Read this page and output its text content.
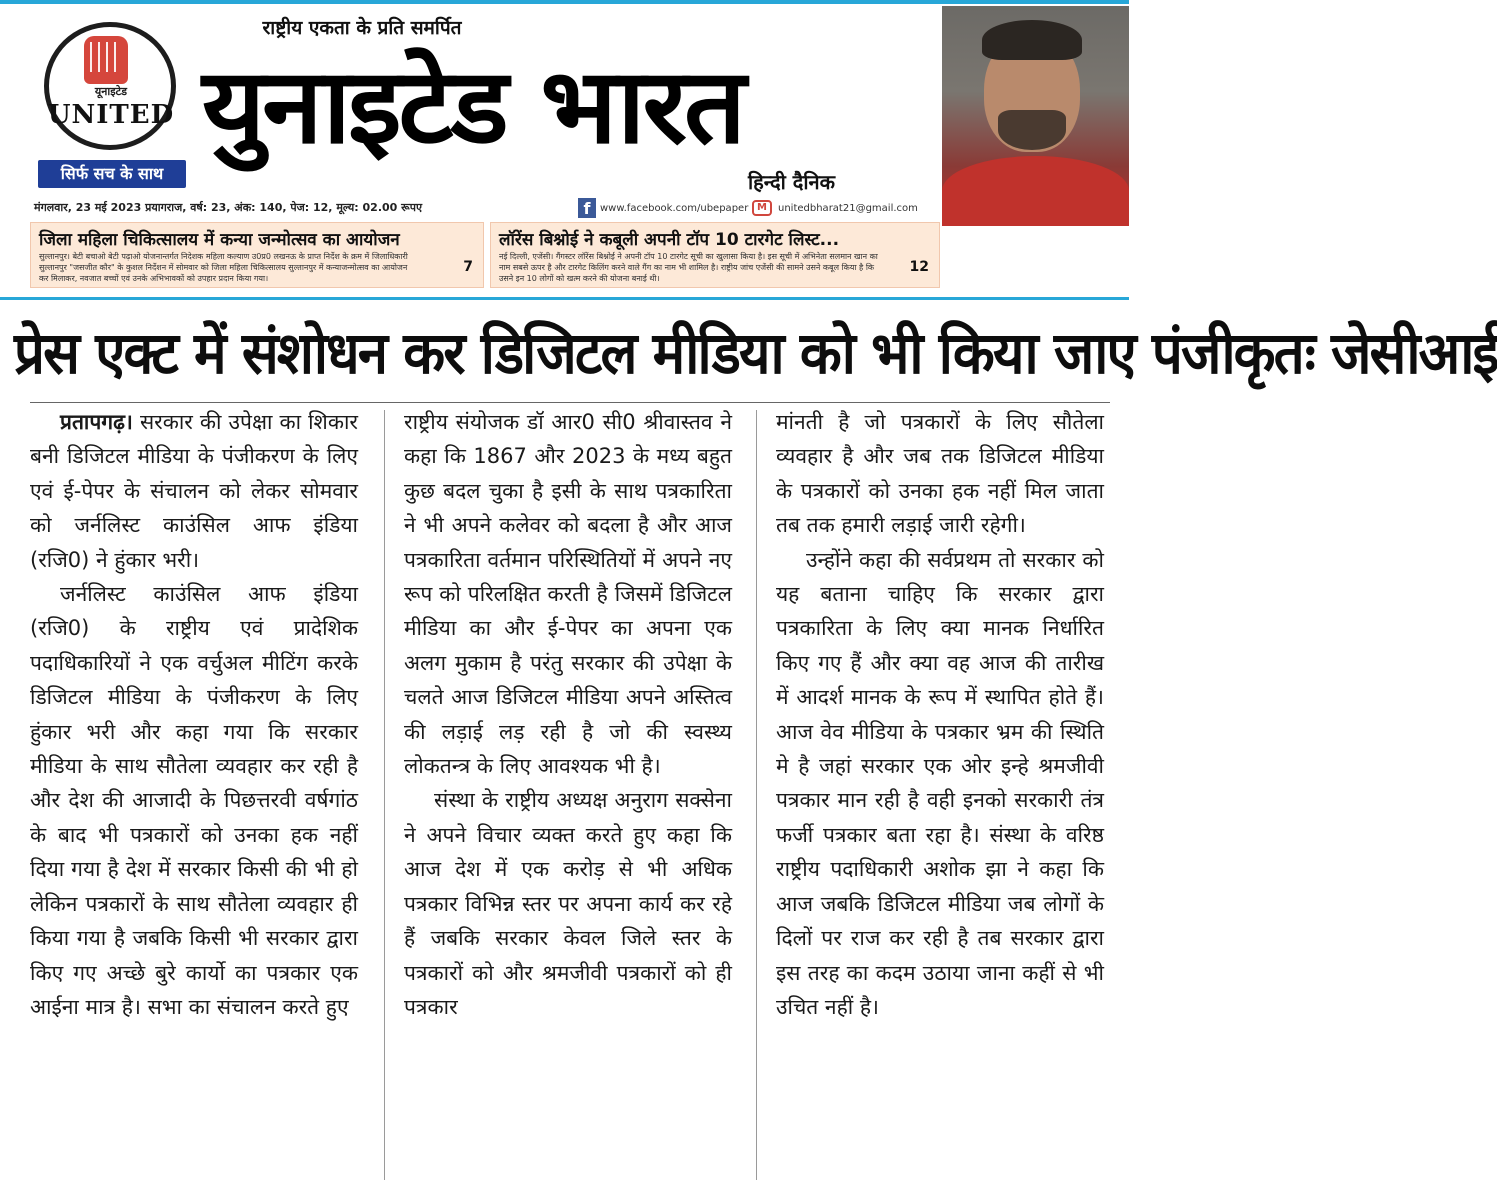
यूनाइटेड
UNITED
सिर्फ सच के साथ
राष्ट्रीय एकता के प्रति समर्पित
युनाइटेड भारत
हिन्दी दैनिक
मंगलवार, 23 मई 2023 प्रयागराज, वर्ष: 23, अंक: 140, पेज: 12, मूल्य: 02.00 रूपए	f www.facebook.com/ubepaper M	unitedbharat21@gmail.com
जिला महिला चिकित्सालय में कन्या जन्मोत्सव का आयोजन
सुल्तानपुर। बेटी बचाओ बेटी पढ़ाओ योजनान्तर्गत निदेशक महिला कल्याण उ0प्र0 लखनऊ के प्राप्त निर्देश के क्रम में जिलाधिकारी सुल्तानपुर "जसजीत कौर" के कुशल निर्देशन में सोमवार को जिला महिला चिकित्सालय सुल्तानपुर में कन्याजन्मोत्सव का आयोजन कर मिलाकर, नवजात बच्चों एवं उनके अभिभावकों को उपहार प्रदान किया गया।
7
लॉरेंस बिश्नोई ने कबूली अपनी टॉप 10 टारगेट लिस्ट...
नई दिल्ली, एजेंसी। गैंगस्टर लॉरेंस बिश्नोई ने अपनी टॉप 10 टारगेट सूची का खुलासा किया है। इस सूची में अभिनेता सलमान खान का नाम सबसे ऊपर है और टारगेट किलिंग करने वाले गैंग का नाम भी शामिल है। राष्ट्रीय जांच एजेंसी की सामने उसने कबूल किया है कि उसने इन 10 लोगों को खत्म करने की योजना बनाई थी।
12
प्रेस एक्ट में संशोधन कर डिजिटल मीडिया को भी किया जाए पंजीकृतः जेसीआई

प्रतापगढ़। सरकार की उपेक्षा का शिकार बनी डिजिटल मीडिया के पंजीकरण के लिए एवं ई-पेपर के संचालन को लेकर सोमवार को जर्नलिस्ट काउंसिल आफ इंडिया (रजि0) ने हुंकार भरी।

जर्नलिस्ट काउंसिल आफ इंडिया (रजि0) के राष्ट्रीय एवं प्रादेशिक पदाधिकारियों ने एक वर्चुअल मीटिंग करके डिजिटल मीडिया के पंजीकरण के लिए हुंकार भरी और कहा गया कि सरकार मीडिया के साथ सौतेला व्यवहार कर रही है और देश की आजादी के पिछत्तरवी वर्षगांठ के बाद भी पत्रकारों को उनका हक नहीं दिया गया है देश में सरकार किसी की भी हो लेकिन पत्रकारों के साथ सौतेला व्यवहार ही किया गया है जबकि किसी भी सरकार द्वारा किए गए अच्छे बुरे कार्यो का पत्रकार एक आईना मात्र है। सभा का संचालन करते हुए

राष्ट्रीय संयोजक डॉ आर0 सी0 श्रीवास्तव ने कहा कि 1867 और 2023 के मध्य बहुत कुछ बदल चुका है इसी के साथ पत्रकारिता ने भी अपने कलेवर को बदला है और आज पत्रकारिता वर्तमान परिस्थितियों में अपने नए रूप को परिलक्षित करती है जिसमें डिजिटल मीडिया का और ई-पेपर का अपना एक अलग मुकाम है परंतु सरकार की उपेक्षा के चलते आज डिजिटल मीडिया अपने अस्तित्व की लड़ाई लड़ रही है जो की स्वस्थ्य लोकतन्त्र के लिए आवश्यक भी है।

संस्था के राष्ट्रीय अध्यक्ष अनुराग सक्सेना ने अपने विचार व्यक्त करते हुए कहा कि आज देश में एक करोड़ से भी अधिक पत्रकार विभिन्न स्तर पर अपना कार्य कर रहे हैं जबकि सरकार केवल जिले स्तर के पत्रकारों को और श्रमजीवी पत्रकारों को ही पत्रकार

मांनती है जो पत्रकारों के लिए सौतेला व्यवहार है और जब तक डिजिटल मीडिया के पत्रकारों को उनका हक नहीं मिल जाता तब तक हमारी लड़ाई जारी रहेगी।

उन्होंने कहा की सर्वप्रथम तो सरकार को यह बताना चाहिए कि सरकार द्वारा पत्रकारिता के लिए क्या मानक निर्धारित किए गए हैं और क्या वह आज की तारीख में आदर्श मानक के रूप में स्थापित होते हैं। आज वेव मीडिया के पत्रकार भ्रम की स्थिति मे है जहां सरकार एक ओर इन्हे श्रमजीवी पत्रकार मान रही है वही इनको सरकारी तंत्र फर्जी पत्रकार बता रहा है। संस्था के वरिष्ठ राष्ट्रीय पदाधिकारी अशोक झा ने कहा कि आज जबकि डिजिटल मीडिया जब लोगों के दिलों पर राज कर रही है तब सरकार द्वारा इस तरह का कदम उठाया जाना कहीं से भी उचित नहीं है।
